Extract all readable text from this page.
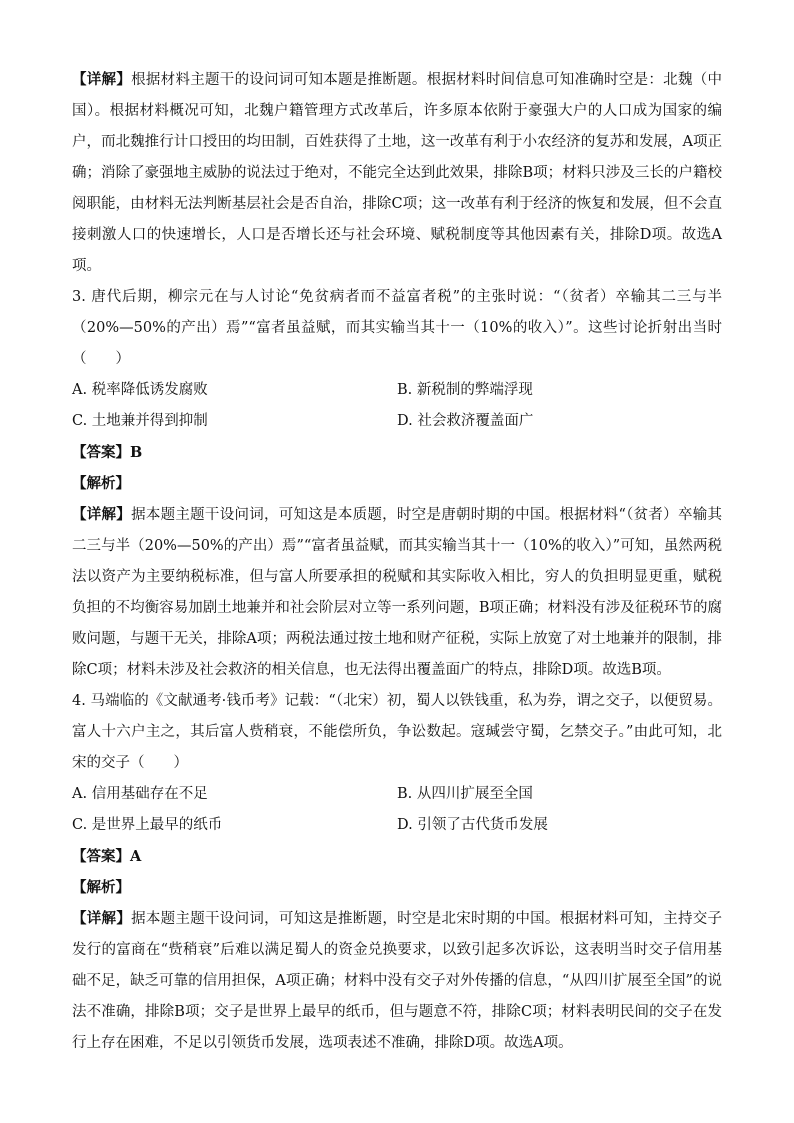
【详解】根据材料主题干的设问词可知本题是推断题。根据材料时间信息可知准确时空是：北魏（中国）。根据材料概况可知，北魏户籍管理方式改革后，许多原本依附于豪强大户的人口成为国家的编户，而北魏推行计口授田的均田制，百姓获得了土地，这一改革有利于小农经济的复苏和发展，A项正确；消除了豪强地主威胁的说法过于绝对，不能完全达到此效果，排除B项；材料只涉及三长的户籍校阅职能，由材料无法判断基层社会是否自治，排除C项；这一改革有利于经济的恢复和发展，但不会直接刺激人口的快速增长，人口是否增长还与社会环境、赋税制度等其他因素有关，排除D项。故选A项。
3. 唐代后期，柳宗元在与人讨论“免贫病者而不益富者税”的主张时说：“（贫者）卒输其二三与半（20%—50%的产出）焉”“富者虽益赋，而其实输当其十一（10%的收入）”。这些讨论折射出当时（　　）
A. 税率降低诱发腐败	B. 新税制的弊端浮现
C. 土地兼并得到抑制	D. 社会救济覆盖面广
【答案】B
【解析】
【详解】据本题主题干设问词，可知这是本质题，时空是唐朝时期的中国。根据材料“（贫者）卒输其二三与半（20%—50%的产出）焉”“富者虽益赋，而其实输当其十一（10%的收入）”可知，虽然两税法以资产为主要纳税标准，但与富人所要承担的税赋和其实际收入相比，穷人的负担明显更重，赋税负担的不均衡容易加剧土地兼并和社会阶层对立等一系列问题，B项正确；材料没有涉及征税环节的腐败问题，与题干无关，排除A项；两税法通过按土地和财产征税，实际上放宽了对土地兼并的限制，排除C项；材料未涉及社会救济的相关信息，也无法得出覆盖面广的特点，排除D项。故选B项。
4. 马端临的《文献通考·钱币考》记载：“（北宋）初，蜀人以铁钱重，私为券，谓之交子，以便贸易。富人十六户主之，其后富人赀稍衰，不能偿所负，争讼数起。寇瑊尝守蜀，乞禁交子。”由此可知，北宋的交子（　　）
A. 信用基础存在不足	B. 从四川扩展至全国
C. 是世界上最早的纸币	D. 引领了古代货币发展
【答案】A
【解析】
【详解】据本题主题干设问词，可知这是推断题，时空是北宋时期的中国。根据材料可知，主持交子发行的富商在“赀稍衰”后难以满足蜀人的资金兑换要求，以致引起多次诉讼，这表明当时交子信用基础不足，缺乏可靠的信用担保，A项正确；材料中没有交子对外传播的信息，“从四川扩展至全国”的说法不准确，排除B项；交子是世界上最早的纸币，但与题意不符，排除C项；材料表明民间的交子在发行上存在困难，不足以引领货币发展，选项表述不准确，排除D项。故选A项。
